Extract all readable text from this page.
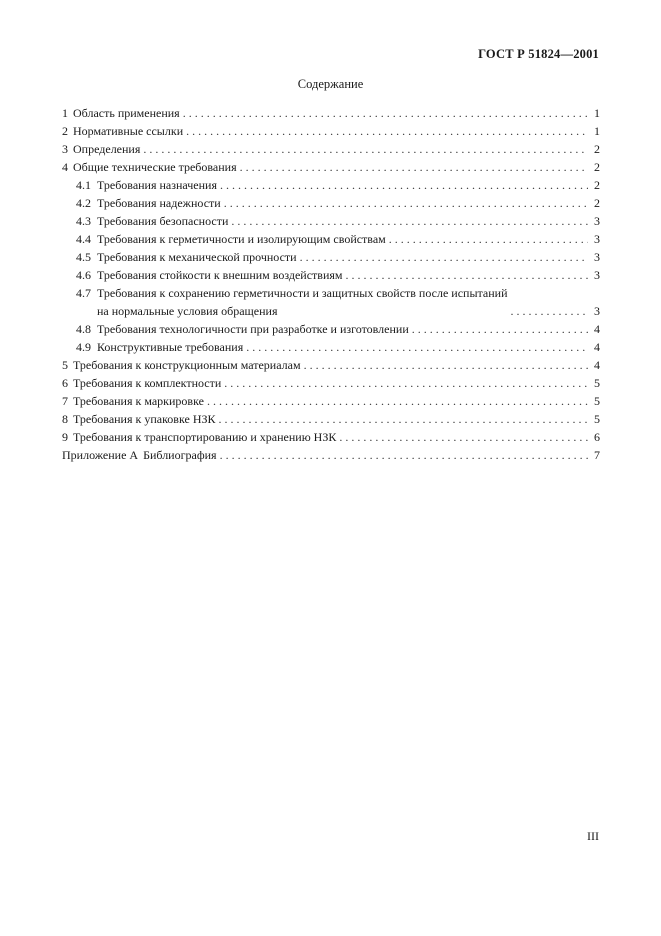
ГОСТ Р 51824—2001
Содержание
1 Область применения . . .	1
2 Нормативные ссылки . . .	1
3 Определения . . .	2
4 Общие технические требования . . .	2
4.1 Требования назначения . . .	2
4.2 Требования надежности . . .	2
4.3 Требования безопасности . . .	3
4.4 Требования к герметичности и изолирующим свойствам . . .	3
4.5 Требования к механической прочности . . .	3
4.6 Требования стойкости к внешним воздействиям . . .	3
4.7 Требования к сохранению герметичности и защитных свойств после испытаний
на нормальные условия обращения . . .	3
4.8 Требования технологичности при разработке и изготовлении . . .	4
4.9 Конструктивные требования . . .	4
5 Требования к конструкционным материалам . . .	4
6 Требования к комплектности . . .	5
7 Требования к маркировке . . .	5
8 Требования к упаковке НЗК . . .	5
9 Требования к транспортированию и хранению НЗК . . .	6
Приложение А Библиография . . .	7
III
